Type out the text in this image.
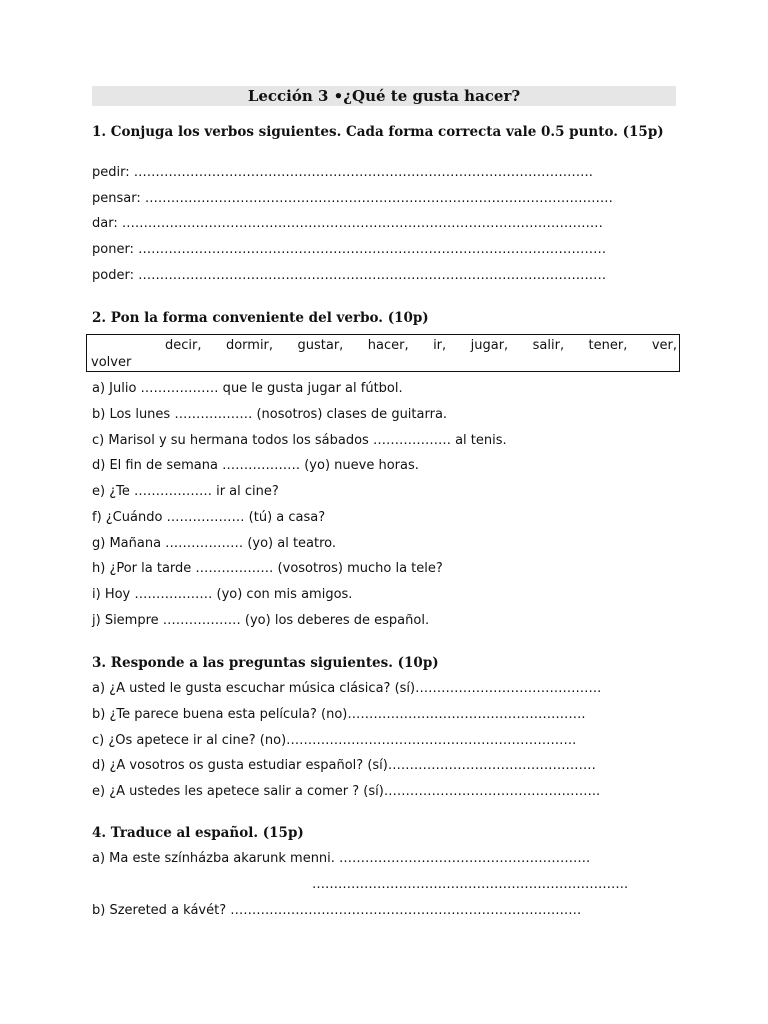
Lección 3 •¿Qué te gusta hacer?
1. Conjuga los verbos siguientes. Cada forma correcta vale 0.5 punto. (15p)
pedir: …………………………………………………………………………………………….
pensar: ………………………………………………………………………………………………
dar: …………………………………………………………………………………………………
poner: ………………………………………………………………………………………………
poder: ………………………………………………………………………………………………
2. Pon la forma conveniente del verbo. (10p)
decir, dormir, gustar, hacer, ir, jugar, salir, tener, ver,
volver
a) Julio ……………… que le gusta jugar al fútbol.
b) Los lunes ……………… (nosotros) clases de guitarra.
c) Marisol y su hermana todos los sábados ……………… al tenis.
d) El fin de semana ……………… (yo) nueve horas.
e) ¿Te ……………… ir al cine?
f) ¿Cuándo ……………… (tú) a casa?
g) Mañana ……………… (yo) al teatro.
h) ¿Por la tarde ……………… (vosotros) mucho la tele?
i) Hoy ……………… (yo) con mis amigos.
j) Siempre ……………… (yo) los deberes de español.
3. Responde a las preguntas siguientes. (10p)
a) ¿A usted le gusta escuchar música clásica? (sí)…………………………………….
b) ¿Te parece buena esta película? (no)……………………………………………….
c) ¿Os apetece ir al cine? (no)………………………………………………………….
d) ¿A vosotros os gusta estudiar español? (sí)…………………………………………
e) ¿A ustedes les apetece salir a comer ? (sí)…………………………………………..
4. Traduce al español. (15p)
a) Ma este színházba akarunk menni. ………………………………………………….
……………………………………………………………….
b) Szereted a kávét? ………………………………………………………………………
